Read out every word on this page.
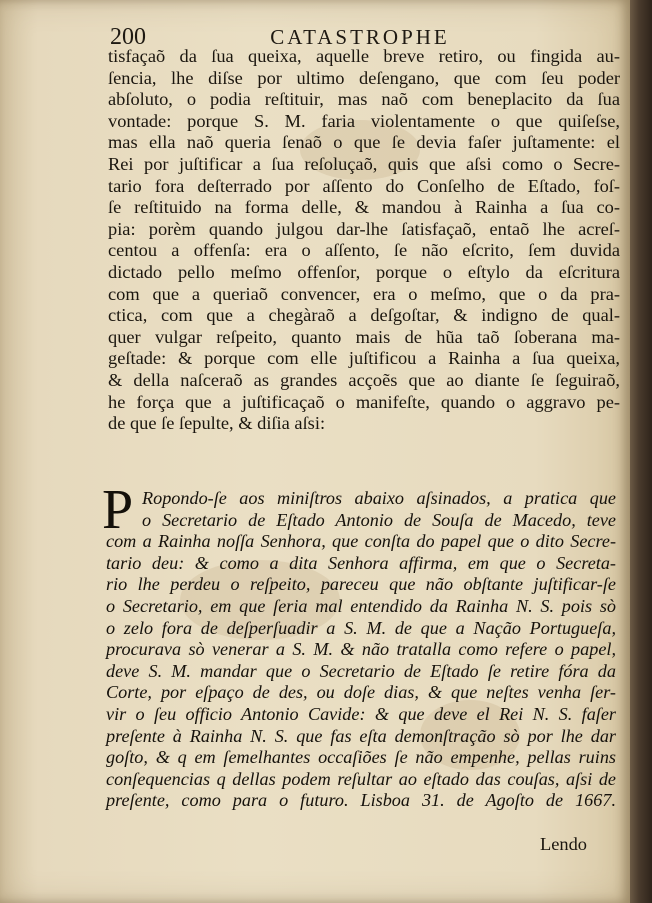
200	CATASTROPHE
tisfaçaõ da ſua queixa, aquelle breve retiro, ou fingida au-
ſencia, lhe diſse por ultimo deſengano, que com ſeu poder
abſoluto, o podia reſtituir, mas naõ com beneplacito da ſua
vontade: porque S. M. faria violentamente o que quiſeſse,
mas ella naõ queria ſenaõ o que ſe devia faſer juſtamente: el
Rei por juſtificar a ſua reſoluçaõ, quis que aſsi como o Secre-
tario fora deſterrado por aſſento do Conſelho de Eſtado, foſ-
ſe reſtituido na forma delle, & mandou à Rainha a ſua co-
pia: porèm quando julgou dar-lhe ſatisfaçaõ, entaõ lhe acreſ-
centou a offenſa: era o aſſento, ſe não eſcrito, ſem duvida
dictado pello meſmo offenſor, porque o eſtylo da eſcritura
com que a queriaõ convencer, era o meſmo, que o da pra-
ctica, com que a chegàraõ a deſgoſtar, & indigno de qual-
quer vulgar reſpeito, quanto mais de hũa taõ ſoberana ma-
geſtade: & porque com elle juſtificou a Rainha a ſua queixa,
& della naſceraõ as grandes acçoẽs que ao diante ſe ſeguiraõ,
he força que a juſtificaçaõ o manifeſte, quando o aggravo pe-
de que ſe ſepulte, & diſia aſsi:
P Ropondo-ſe aos miniſtros abaixo aſsinados, a pratica que
o Secretario de Eſtado Antonio de Souſa de Macedo, teve
com a Rainha noſſa Senhora, que conſta do papel que o dito Secre-
tario deu: & como a dita Senhora affirma, em que o Secreta-
rio lhe perdeu o reſpeito, pareceu que não obſtante juſtificar-ſe
o Secretario, em que ſeria mal entendido da Rainha N. S. pois sò
o zelo fora de deſperſuadir a S. M. de que a Nação Portugueſa,
procurava sò venerar a S. M. & não tratalla como refere o papel,
deve S. M. mandar que o Secretario de Eſtado ſe retire fóra da
Corte, por eſpaço de des, ou doſe dias, & que neſtes venha ſer-
vir o ſeu officio Antonio Cavide: & que deve el Rei N. S. faſer
preſente à Rainha N. S. que fas eſta demonſtração sò por lhe dar
goſto, & q em ſemelhantes occaſiões ſe não empenhe, pellas ruins
conſequencias q dellas podem reſultar ao eſtado das couſas, aſsi de
preſente, como para o futuro. Lisboa 31. de Agoſto de 1667.
Lendo
